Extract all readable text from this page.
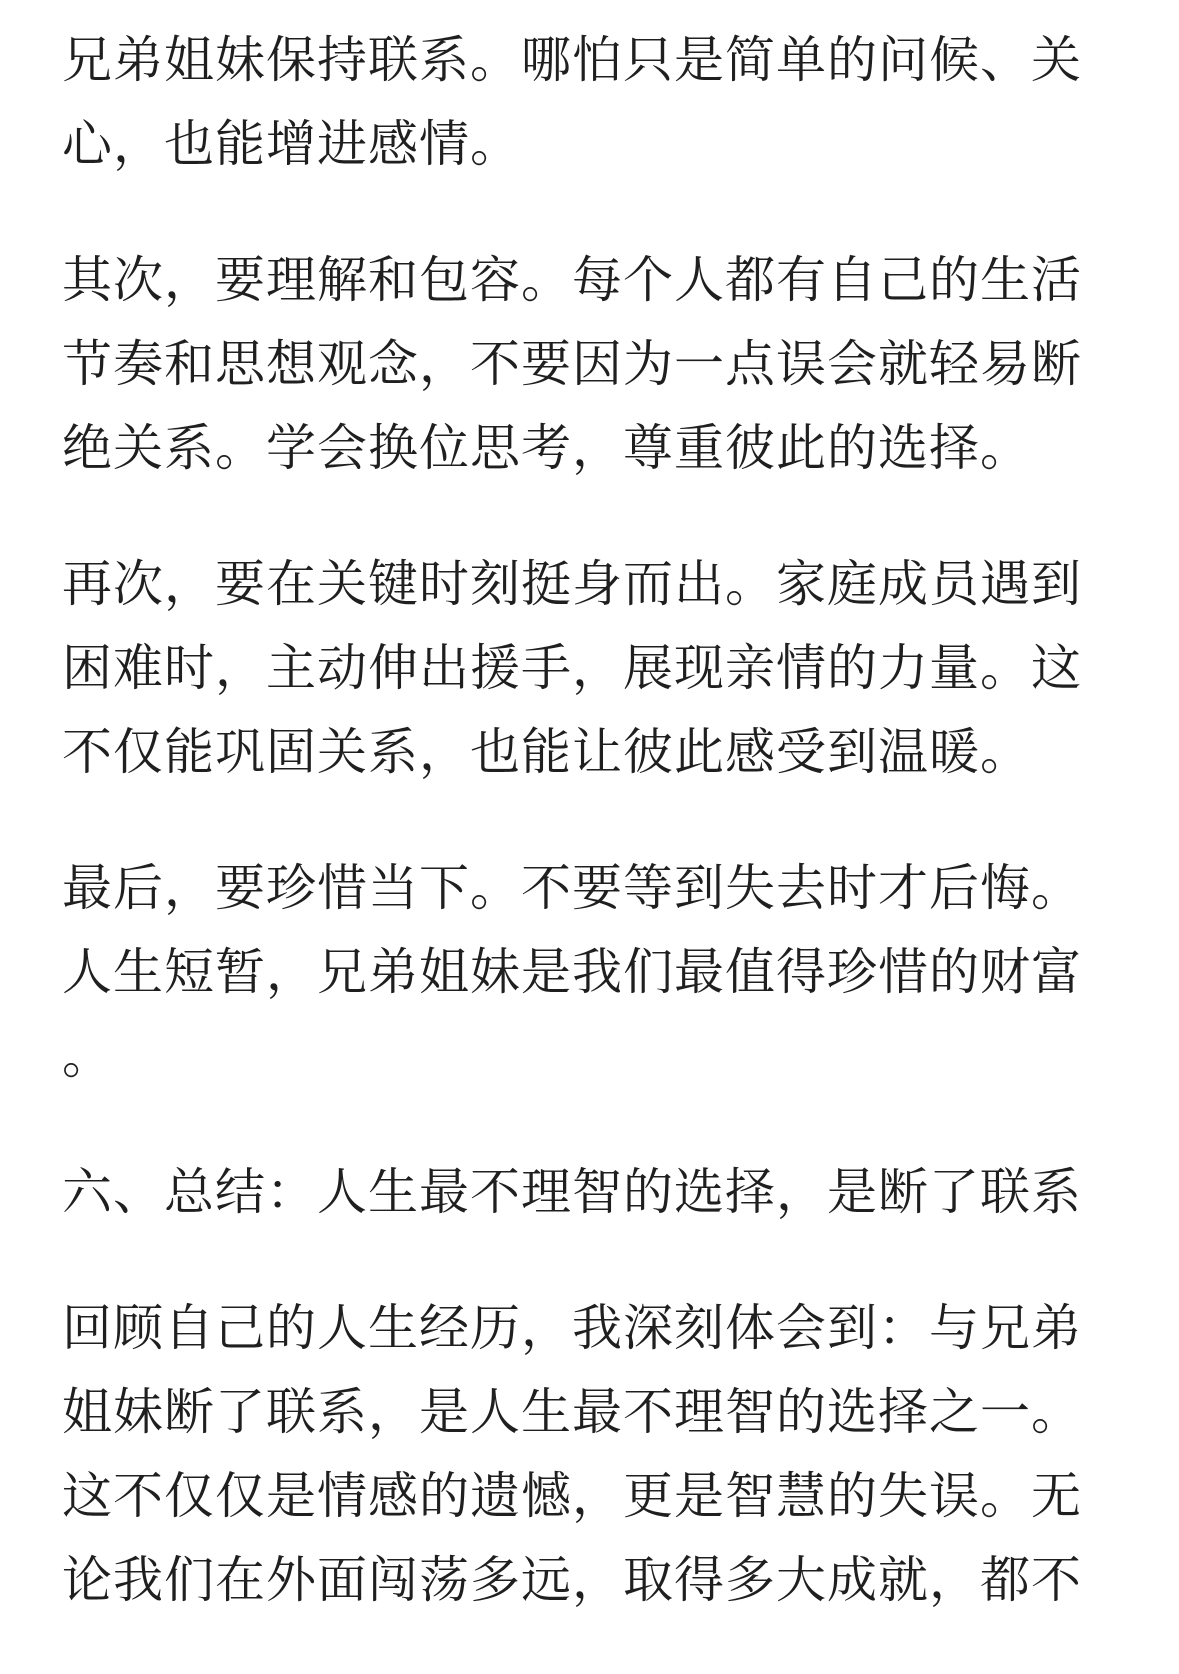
兄弟姐妹保持联系。哪怕只是简单的问候、关心，也能增进感情。

其次，要理解和包容。每个人都有自己的生活节奏和思想观念，不要因为一点误会就轻易断绝关系。学会换位思考，尊重彼此的选择。

再次，要在关键时刻挺身而出。家庭成员遇到困难时，主动伸出援手，展现亲情的力量。这不仅能巩固关系，也能让彼此感受到温暖。

最后，要珍惜当下。不要等到失去时才后悔。人生短暂，兄弟姐妹是我们最值得珍惜的财富。

六、总结：人生最不理智的选择，是断了联系

回顾自己的人生经历，我深刻体会到：与兄弟姐妹断了联系，是人生最不理智的选择之一。这不仅仅是情感的遗憾，更是智慧的失误。无论我们在外面闯荡多远，取得多大成就，都不
